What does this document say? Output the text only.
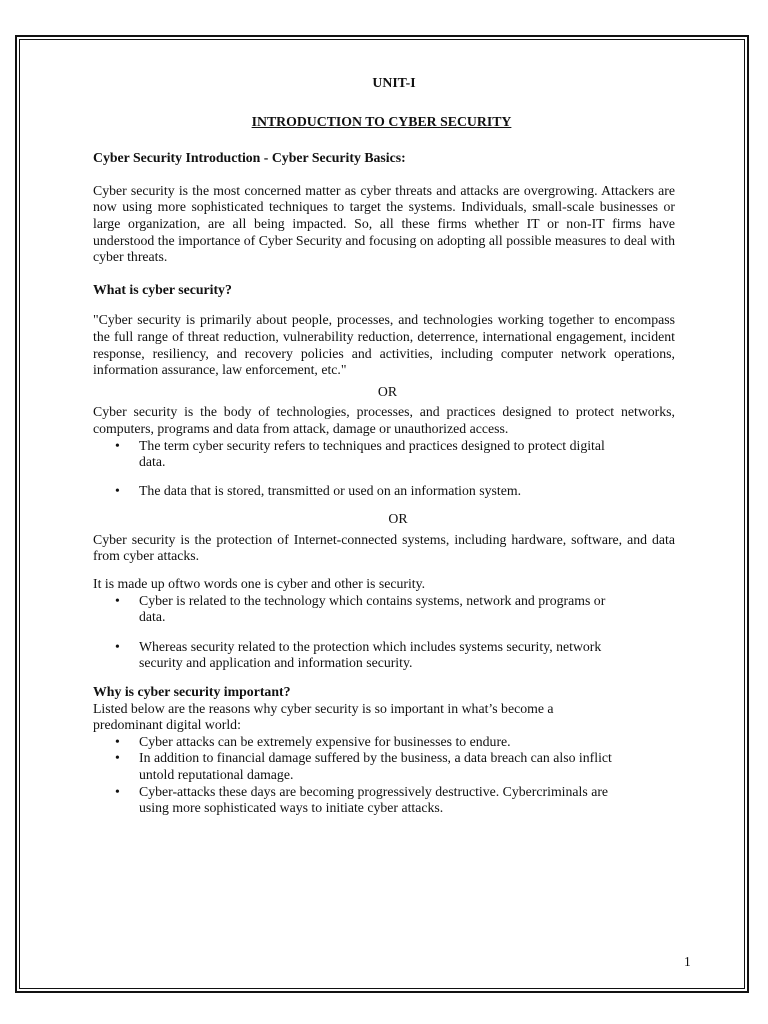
UNIT-I

INTRODUCTION TO CYBER SECURITY

Cyber Security Introduction - Cyber Security Basics:

Cyber security is the most concerned matter as cyber threats and attacks are overgrowing. Attackers are now using more sophisticated techniques to target the systems. Individuals, small-scale businesses or large organization, are all being impacted. So, all these firms whether IT or non-IT firms have understood the importance of Cyber Security and focusing on adopting all possible measures to deal with cyber threats.

What is cyber security?

"Cyber security is primarily about people, processes, and technologies working together to encompass the full range of threat reduction, vulnerability reduction, deterrence, international engagement, incident response, resiliency, and recovery policies and activities, including computer network operations, information assurance, law enforcement, etc."

OR

Cyber security is the body of technologies, processes, and practices designed to protect networks, computers, programs and data from attack, damage or unauthorized access.

• The term cyber security refers to techniques and practices designed to protect digital data.
• The data that is stored, transmitted or used on an information system.

OR

Cyber security is the protection of Internet-connected systems, including hardware, software, and data from cyber attacks.

It is made up oftwo words one is cyber and other is security.

• Cyber is related to the technology which contains systems, network and programs or data.
• Whereas security related to the protection which includes systems security, network security and application and information security.

Why is cyber security important?

Listed below are the reasons why cyber security is so important in what’s become a predominant digital world:

• Cyber attacks can be extremely expensive for businesses to endure.
• In addition to financial damage suffered by the business, a data breach can also inflict untold reputational damage.
• Cyber-attacks these days are becoming progressively destructive. Cybercriminals are using more sophisticated ways to initiate cyber attacks.
1
